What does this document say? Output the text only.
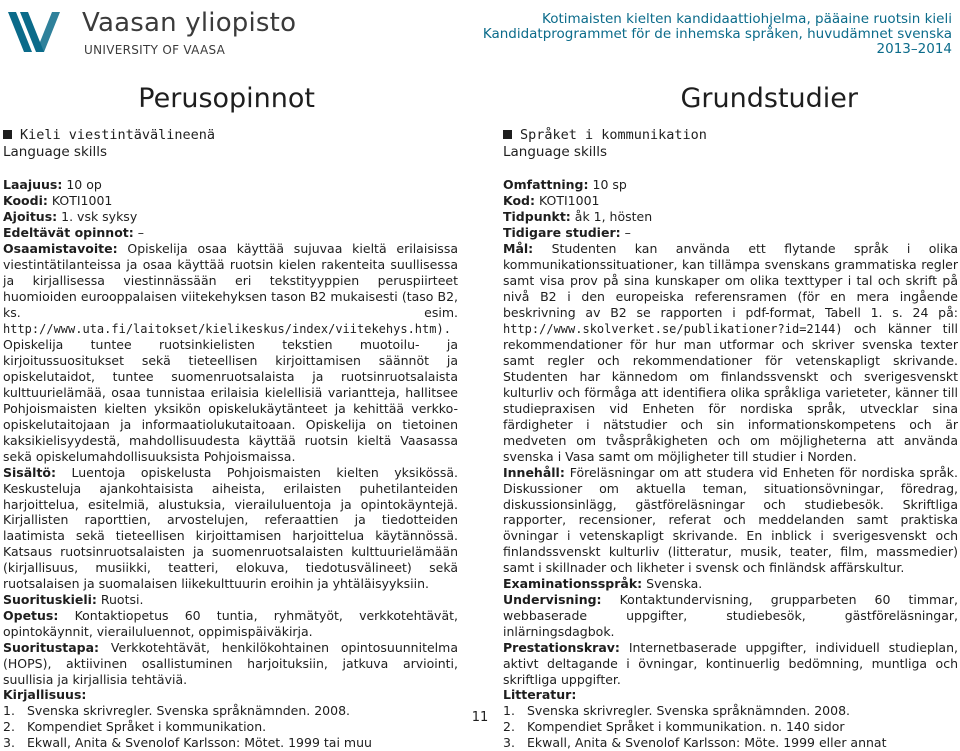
Vaasan yliopisto
UNIVERSITY OF VAASA
Kotimaisten kielten kandidaattiohjelma, pääaine ruotsin kieli
Kandidatprogrammet för de inhemska språken, huvudämnet svenska
2013–2014
Perusopinnot
Kieli viestintävälineenä
Language skills

Laajuus: 10 op

Koodi: KOTI1001

Ajoitus: 1. vsk syksy

Edeltävät opinnot: –

Osaamistavoite: Opiskelija osaa käyttää sujuvaa kieltä erilaisissa viestintätilanteissa ja osaa käyttää ruotsin kielen rakenteita suullisessa ja kirjallisessa viestinnässään eri tekstityyppien peruspiirteet huomioiden eurooppalaisen viitekehyksen tason B2 mukaisesti (taso B2, ks. esim. http://www.uta.fi/laitokset/kielikeskus/index/viitekehys.htm). Opiskelija tuntee ruotsinkielisten tekstien muotoilu- ja kirjoitussuositukset sekä tieteellisen kirjoittamisen säännöt ja opiskelutaidot, tuntee suomenruotsalaista ja ruotsinruotsalaista kulttuurielämää, osaa tunnistaa erilaisia kielellisiä variantteja, hallitsee Pohjoismaisten kielten yksikön opiskelukäytänteet ja kehittää verkko-opiskelutaitojaan ja informaatiolukutaitoaan. Opiskelija on tietoinen kaksikielisyydestä, mahdollisuudesta käyttää ruotsin kieltä Vaasassa sekä opiskelumahdollisuuksista Pohjoismaissa.

Sisältö: Luentoja opiskelusta Pohjoismaisten kielten yksikössä. Keskusteluja ajankohtaisista aiheista, erilaisten puhetilanteiden harjoittelua, esitelmiä, alustuksia, vierailuluentoja ja opintokäyntejä. Kirjallisten raporttien, arvostelujen, referaattien ja tiedotteiden laatimista sekä tieteellisen kirjoittamisen harjoittelua käytännössä. Katsaus ruotsinruotsalaisten ja suomenruotsalaisten kulttuurielämään (kirjallisuus, musiikki, teatteri, elokuva, tiedotusvälineet) sekä ruotsalaisen ja suomalaisen liikekulttuurin eroihin ja yhtäläisyyksiin.

Suorituskieli: Ruotsi.

Opetus: Kontaktiopetus 60 tuntia, ryhmätyöt, verkkotehtävät, opintokäynnit, vierailuluennot, oppimispäiväkirja.

Suoritustapa: Verkkotehtävät, henkilökohtainen opintosuunnitelma (HOPS), aktiivinen osallistuminen harjoituksiin, jatkuva arviointi, suullisia ja kirjallisia tehtäviä.

Kirjallisuus:

1. Svenska skrivregler. Svenska språknämnden. 2008.
2. Kompendiet Språket i kommunikation.
3. Ekwall, Anita & Svenolof Karlsson: Mötet. 1999 tai muu
Grundstudier
Språket i kommunikation
Language skills

Omfattning: 10 sp

Kod: KOTI1001

Tidpunkt: åk 1, hösten

Tidigare studier: –

Mål: Studenten kan använda ett flytande språk i olika kommunikationssituationer, kan tillämpa svenskans grammatiska regler samt visa prov på sina kunskaper om olika texttyper i tal och skrift på nivå B2 i den europeiska referensramen (för en mera ingående beskrivning av B2 se rapporten i pdf-format, Tabell 1. s. 24 på: http://www.skolverket.se/publikationer?id=2144) och känner till rekommendationer för hur man utformar och skriver svenska texter samt regler och rekommendationer för vetenskapligt skrivande. Studenten har kännedom om finlandssvenskt och sverigesvenskt kulturliv och förmåga att identifiera olika språkliga varieteter, känner till studiepraxisen vid Enheten för nordiska språk, utvecklar sina färdigheter i nätstudier och sin informationskompetens och är medveten om tvåspråkigheten och om möjligheterna att använda svenska i Vasa samt om möjligheter till studier i Norden.

Innehåll: Föreläsningar om att studera vid Enheten för nordiska språk. Diskussioner om aktuella teman, situationsövningar, föredrag, diskussionsinlägg, gästföreläsningar och studiebesök. Skriftliga rapporter, recensioner, referat och meddelanden samt praktiska övningar i vetenskapligt skrivande. En inblick i sverigesvenskt och finlandssvenskt kulturliv (litteratur, musik, teater, film, massmedier) samt i skillnader och likheter i svensk och finländsk affärskultur.

Examinationsspråk: Svenska.

Undervisning: Kontaktundervisning, grupparbeten 60 timmar, webbaserade uppgifter, studiebesök, gästföreläsningar, inlärningsdagbok.

Prestationskrav: Internetbaserade uppgifter, individuell studieplan, aktivt deltagande i övningar, kontinuerlig bedömning, muntliga och skriftliga uppgifter.

Litteratur:

1. Svenska skrivregler. Svenska språknämnden. 2008.
2. Kompendiet Språket i kommunikation. n. 140 sidor
3. Ekwall, Anita & Svenolof Karlsson: Möte. 1999 eller annat
11
